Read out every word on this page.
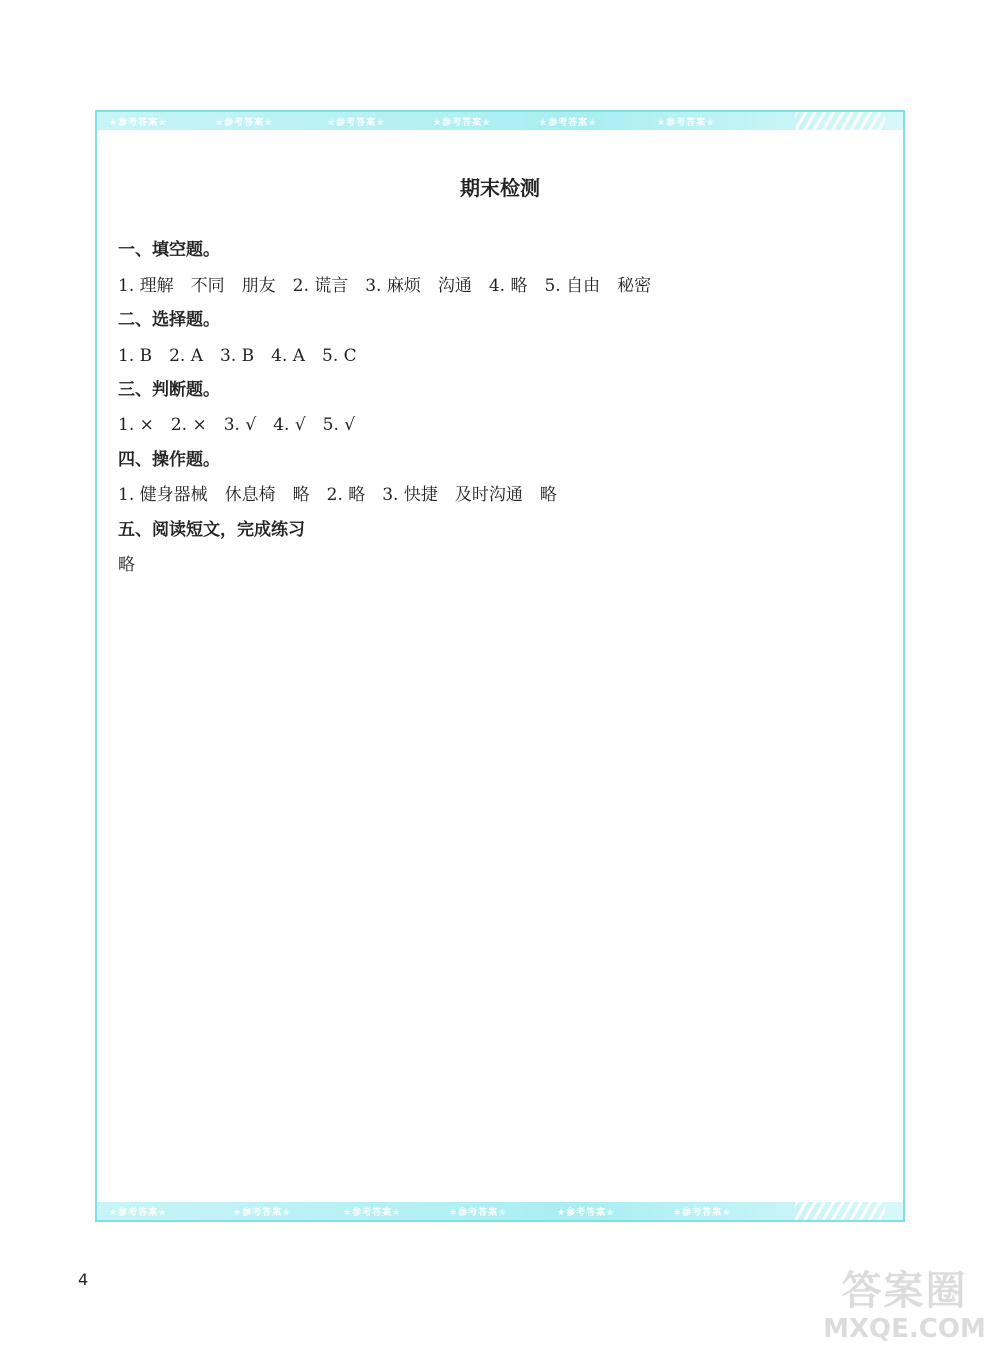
★参考答案★	★参考答案★	★参考答案★	★参考答案★	★参考答案★	★参考答案★
★参考答案★	★参考答案★	★参考答案★	★参考答案★	★参考答案★	★参考答案★
期末检测
一、填空题。
1. 理解　不同　朋友　2. 谎言　3. 麻烦　沟通　4. 略　5. 自由　秘密
二、选择题。
1. B　2. A　3. B　4. A　5. C
三、判断题。
1. ×　2. ×　3. √　4. √　5. √
四、操作题。
1. 健身器械　休息椅　略　2. 略　3. 快捷　及时沟通　略
五、阅读短文，完成练习
略
4	答案圈
MXQE.COM
